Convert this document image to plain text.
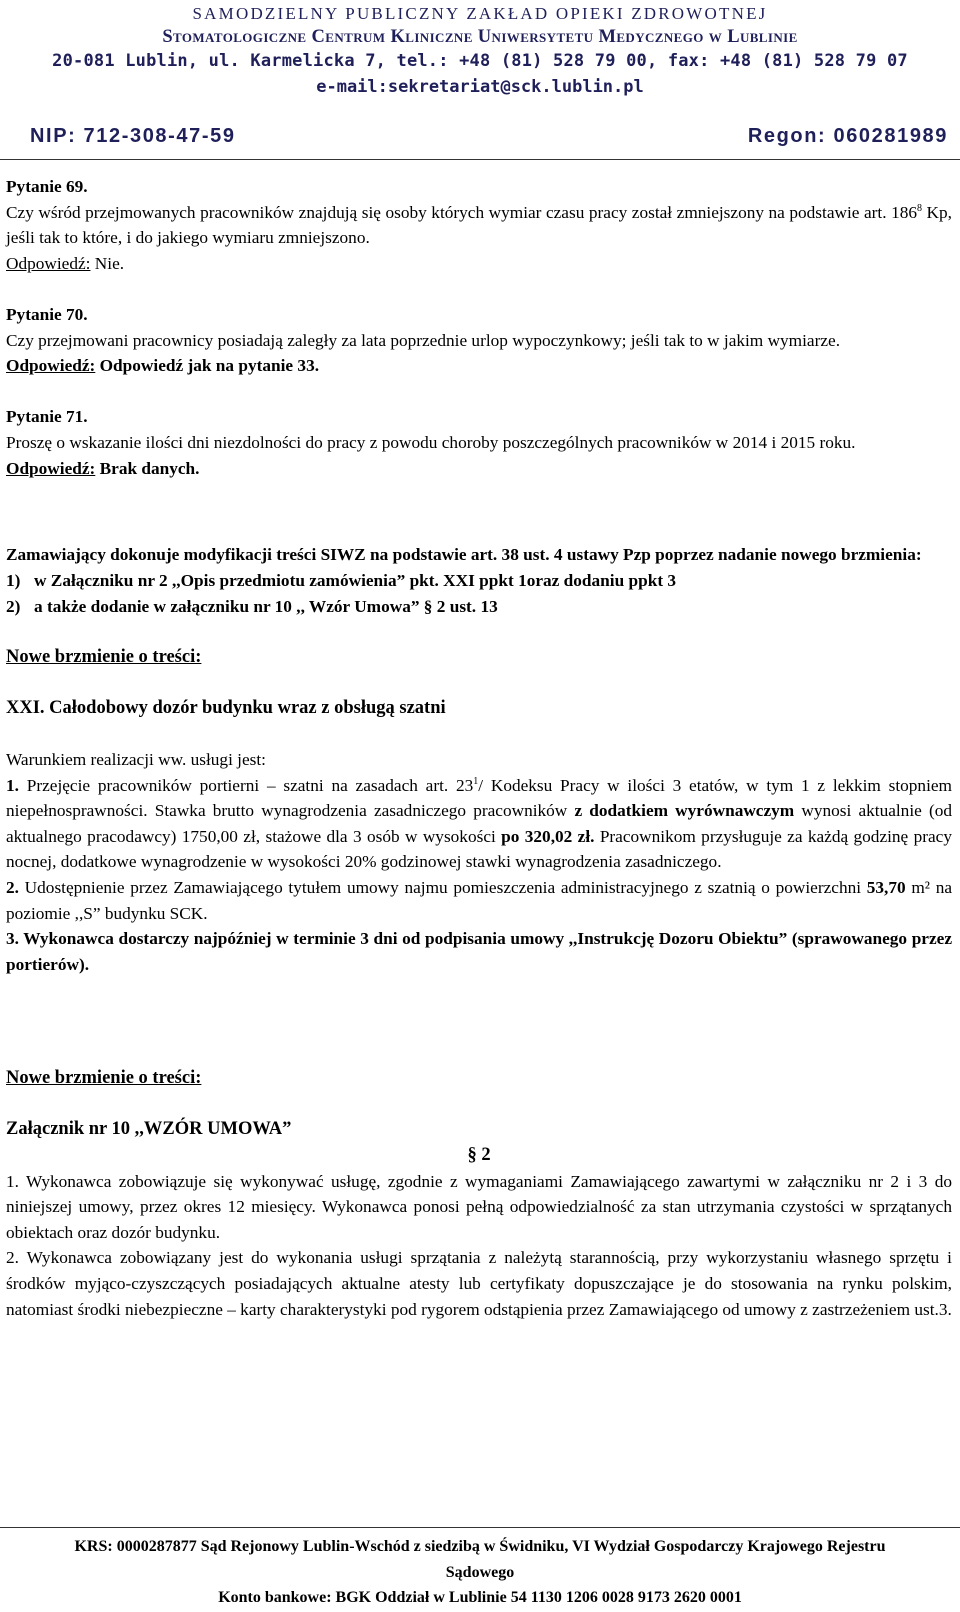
SAMODZIELNY PUBLICZNY ZAKŁAD OPIEKI ZDROWOTNEJ
Stomatologiczne Centrum Kliniczne Uniwersytetu Medycznego w Lublinie
20-081 Lublin, ul. Karmelicka 7, tel.: +48 (81) 528 79 00, fax: +48 (81) 528 79 07
e-mail:sekretariat@sck.lublin.pl
NIP: 712-308-47-59	Regon: 060281989

Pytanie 69.

Czy wśród przejmowanych pracowników znajdują się osoby których wymiar czasu pracy został zmniejszony na podstawie art. $186^8$ Kp, jeśli tak to które, i do jakiego wymiaru zmniejszono.

Odpowiedź: Nie.

Pytanie 70.

Czy przejmowani pracownicy posiadają zaległy za lata poprzednie urlop wypoczynkowy; jeśli tak to w jakim wymiarze.

Odpowiedź: Odpowiedź jak na pytanie 33.

Pytanie 71.

Proszę o wskazanie ilości dni niezdolności do pracy z powodu choroby poszczególnych pracowników w 2014 i 2015 roku.

Odpowiedź: Brak danych.

Zamawiający dokonuje modyfikacji treści SIWZ na podstawie art. 38 ust. 4 ustawy Pzp poprzez nadanie nowego brzmienia:

1) w Załączniku nr 2 ,,Opis przedmiotu zamówienia” pkt. XXI ppkt 1oraz dodaniu ppkt 3
2) a także dodanie w załączniku nr 10 ,, Wzór Umowa” § 2 ust. 13

Nowe brzmienie o treści:

XXI. Całodobowy dozór budynku wraz z obsługą szatni

Warunkiem realizacji ww. usługi jest:

1. Przejęcie pracowników portierni – szatni na zasadach art. $23^1/$ Kodeksu Pracy w ilości 3 etatów, w tym 1 z lekkim stopniem niepełnosprawności. Stawka brutto wynagrodzenia zasadniczego pracowników z dodatkiem wyrównawczym wynosi aktualnie (od aktualnego pracodawcy) 1750,00 zł, stażowe dla 3 osób w wysokości po 320,02 zł. Pracownikom przysługuje za każdą godzinę pracy nocnej, dodatkowe wynagrodzenie w wysokości 20% godzinowej stawki wynagrodzenia zasadniczego.

2. Udostępnienie przez Zamawiającego tytułem umowy najmu pomieszczenia administracyjnego z szatnią o powierzchni 53,70 m² na poziomie ,,S” budynku SCK.

3. Wykonawca dostarczy najpóźniej w terminie 3 dni od podpisania umowy ,,Instrukcję Dozoru Obiektu” (sprawowanego przez portierów).

Nowe brzmienie o treści:

Załącznik nr 10 ,,WZÓR UMOWA”

§ 2

1. Wykonawca zobowiązuje się wykonywać usługę, zgodnie z wymaganiami Zamawiającego zawartymi w załączniku nr 2 i 3 do niniejszej umowy, przez okres 12 miesięcy. Wykonawca ponosi pełną odpowiedzialność za stan utrzymania czystości w sprzątanych obiektach oraz dozór budynku.

2. Wykonawca zobowiązany jest do wykonania usługi sprzątania z należytą starannością, przy wykorzystaniu własnego sprzętu i środków myjąco-czyszczących posiadających aktualne atesty lub certyfikaty dopuszczające je do stosowania na rynku polskim, natomiast środki niebezpieczne – karty charakterystyki pod rygorem odstąpienia przez Zamawiającego od umowy z zastrzeżeniem ust.3.

KRS: 0000287877 Sąd Rejonowy Lublin-Wschód z siedzibą w Świdniku, VI Wydział Gospodarczy Krajowego Rejestru Sądowego
Konto bankowe: BGK Oddział w Lublinie 54 1130 1206 0028 9173 2620 0001
